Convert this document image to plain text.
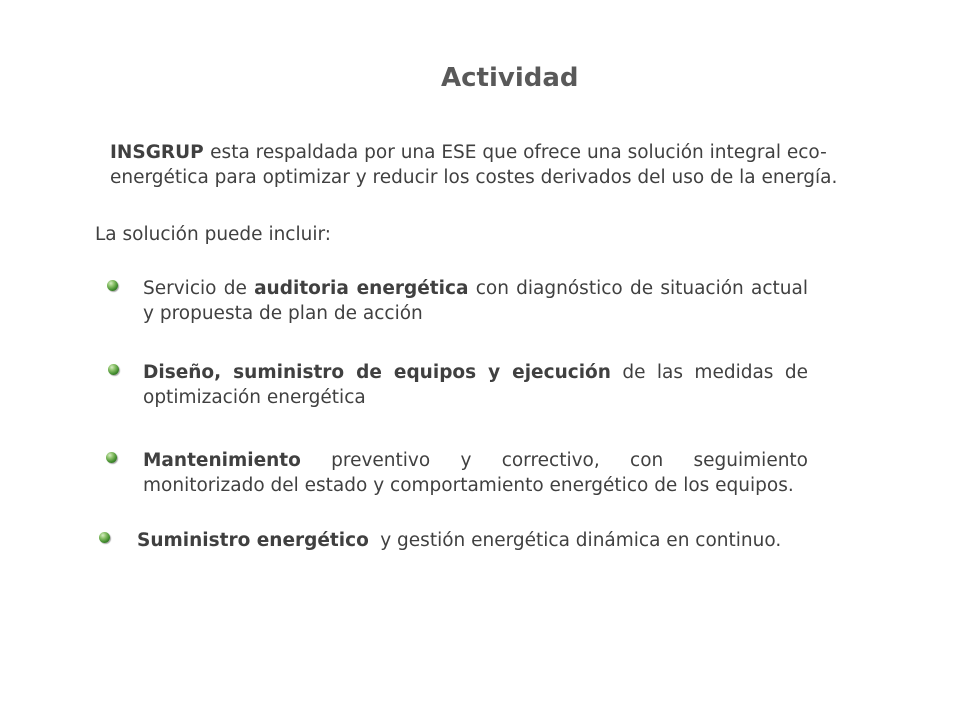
Actividad
INSGRUP esta respaldada por una ESE que ofrece una solución integral eco-energética para optimizar y reducir los costes derivados del uso de la energía.
La solución puede incluir:
Servicio de auditoria energética con diagnóstico de situación actual y propuesta de plan de acción
Diseño, suministro de equipos y ejecución de las medidas de optimización energética
Mantenimiento preventivo y correctivo, con seguimiento monitorizado del estado y comportamiento energético de los equipos.
Suministro energético y gestión energética dinámica en continuo.
